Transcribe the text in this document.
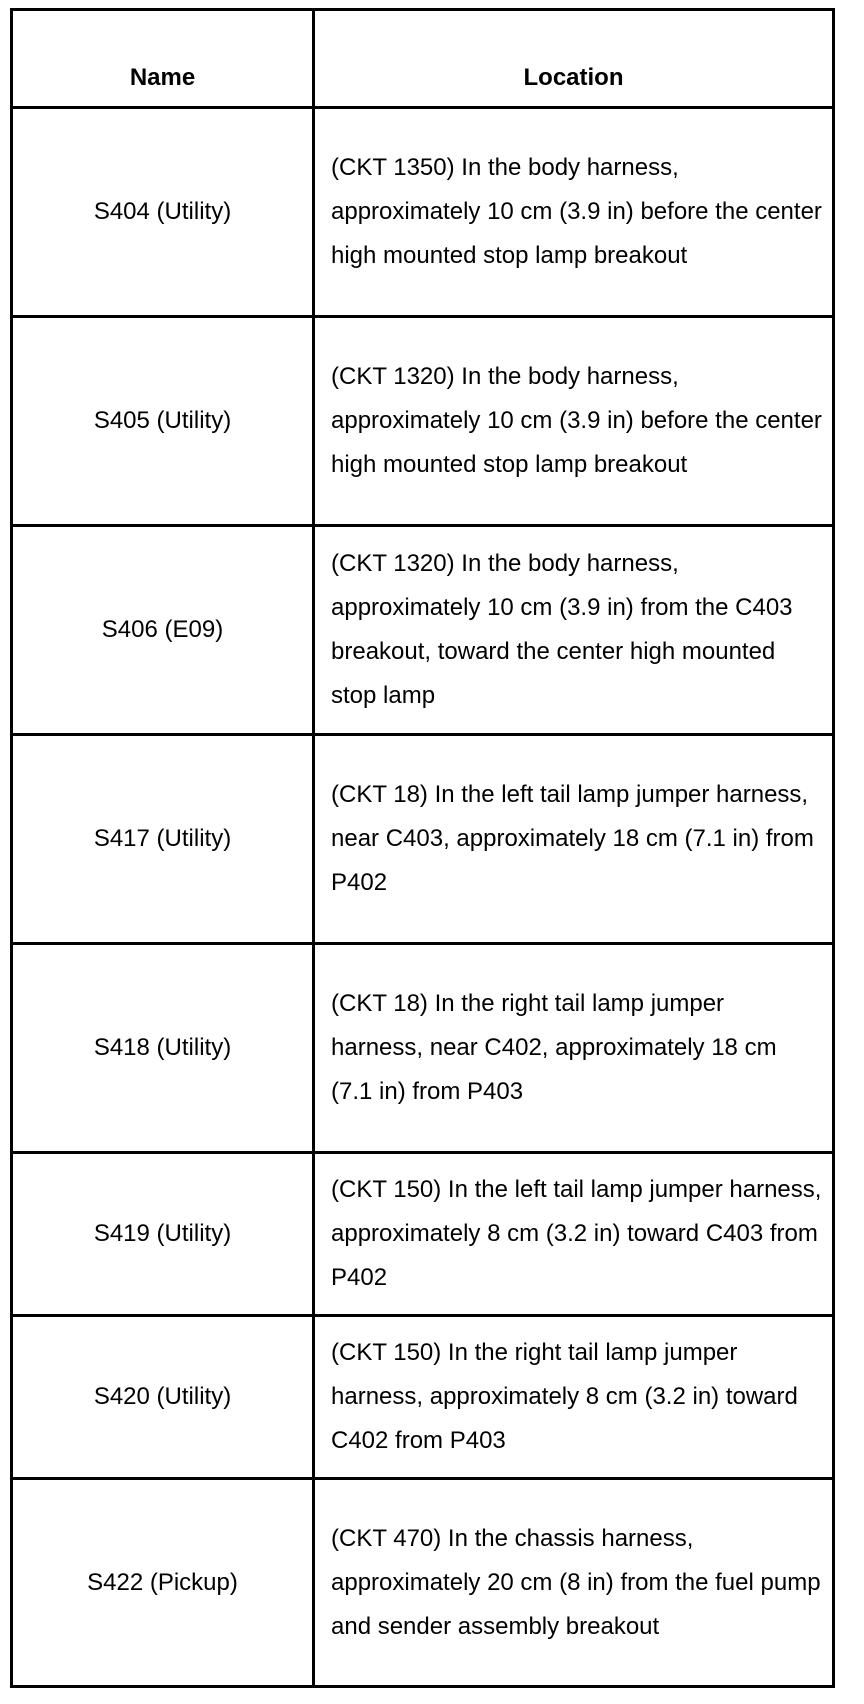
Name	Location
S404 (Utility)	(CKT 1350) In the body harness, approximately 10 cm (3.9 in) before the center high mounted stop lamp breakout
S405 (Utility)	(CKT 1320) In the body harness, approximately 10 cm (3.9 in) before the center high mounted stop lamp breakout
S406 (E09)	(CKT 1320) In the body harness, approximately 10 cm (3.9 in) from the C403 breakout, toward the center high mounted stop lamp
S417 (Utility)	(CKT 18) In the left tail lamp jumper harness, near C403, approximately 18 cm (7.1 in) from P402
S418 (Utility)	(CKT 18) In the right tail lamp jumper harness, near C402, approximately 18 cm (7.1 in) from P403
S419 (Utility)	(CKT 150) In the left tail lamp jumper harness, approximately 8 cm (3.2 in) toward C403 from P402
S420 (Utility)	(CKT 150) In the right tail lamp jumper harness, approximately 8 cm (3.2 in) toward C402 from P403
S422 (Pickup)	(CKT 470) In the chassis harness, approximately 20 cm (8 in) from the fuel pump and sender assembly breakout
